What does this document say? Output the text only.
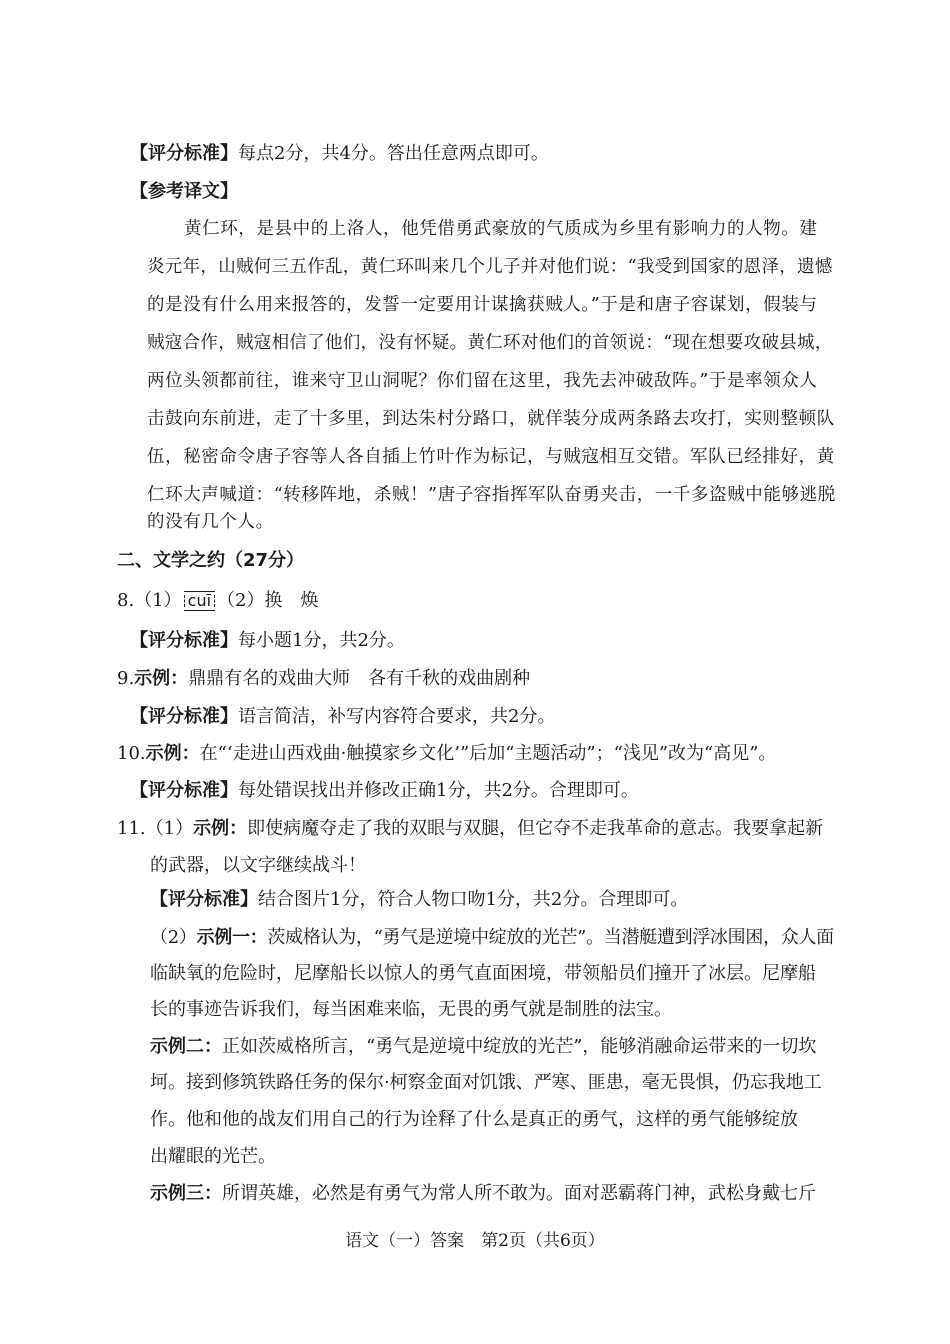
【评分标准】每点2分，共4分。答出任意两点即可。
【参考译文】
黄仁环，是县中的上洛人，他凭借勇武豪放的气质成为乡里有影响力的人物。建
炎元年，山贼何三五作乱，黄仁环叫来几个儿子并对他们说：“我受到国家的恩泽，遗憾
的是没有什么用来报答的，发誓一定要用计谋擒获贼人。”于是和唐子容谋划，假装与
贼寇合作，贼寇相信了他们，没有怀疑。黄仁环对他们的首领说：“现在想要攻破县城，
两位头领都前往，谁来守卫山洞呢？你们留在这里，我先去冲破敌阵。”于是率领众人
击鼓向东前进，走了十多里，到达朱村分路口，就佯装分成两条路去攻打，实则整顿队
伍，秘密命令唐子容等人各自插上竹叶作为标记，与贼寇相互交错。军队已经排好，黄
仁环大声喊道：“转移阵地，杀贼！”唐子容指挥军队奋勇夹击，一千多盗贼中能够逃脱
的没有几个人。
二、文学之约（27分）
8.（1） cuī （2）换　焕
【评分标准】每小题1分，共2分。
9.示例：鼎鼎有名的戏曲大师　各有千秋的戏曲剧种
【评分标准】语言简洁，补写内容符合要求，共2分。
10.示例：在“‘走进山西戏曲·触摸家乡文化’”后加“主题活动”；“浅见”改为“高见”。
【评分标准】每处错误找出并修改正确1分，共2分。合理即可。
11.（1）示例：即使病魔夺走了我的双眼与双腿，但它夺不走我革命的意志。我要拿起新
的武器，以文字继续战斗！
【评分标准】结合图片1分，符合人物口吻1分，共2分。合理即可。
（2）示例一：茨威格认为，“勇气是逆境中绽放的光芒”。当潜艇遭到浮冰围困，众人面
临缺氧的危险时，尼摩船长以惊人的勇气直面困境，带领船员们撞开了冰层。尼摩船
长的事迹告诉我们，每当困难来临，无畏的勇气就是制胜的法宝。
示例二：正如茨威格所言，“勇气是逆境中绽放的光芒”，能够消融命运带来的一切坎
坷。接到修筑铁路任务的保尔·柯察金面对饥饿、严寒、匪患，毫无畏惧，仍忘我地工
作。他和他的战友们用自己的行为诠释了什么是真正的勇气，这样的勇气能够绽放
出耀眼的光芒。
示例三：所谓英雄，必然是有勇气为常人所不敢为。面对恶霸蒋门神，武松身戴七斤
语文（一）答案　第2页（共6页）
